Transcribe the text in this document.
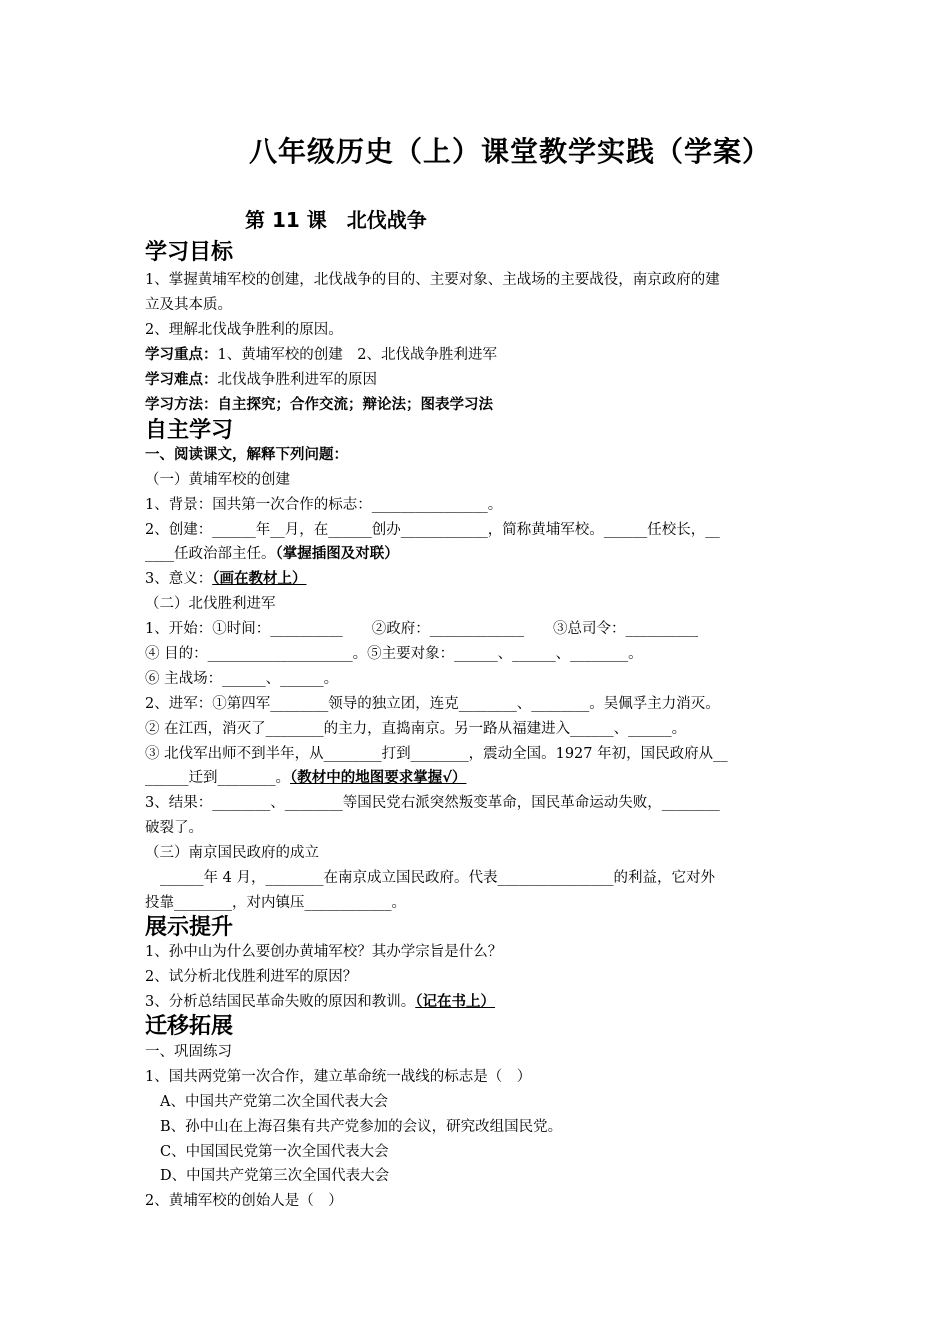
八年级历史（上）课堂教学实践（学案）
第 11 课　北伐战争
学习目标
1、掌握黄埔军校的创建，北伐战争的目的、主要对象、主战场的主要战役，南京政府的建
立及其本质。
2、理解北伐战争胜利的原因。
学习重点：1、黄埔军校的创建　2、北伐战争胜利进军
学习难点：北伐战争胜利进军的原因
学习方法：自主探究；合作交流；辩论法；图表学习法
自主学习
一、阅读课文，解释下列问题：
（一）黄埔军校的创建
1、背景：国共第一次合作的标志：________________。
2、创建：______年__月，在______创办____________，简称黄埔军校。______任校长，__
____任政治部主任。（掌握插图及对联）
3、意义：（画在教材上）
（二）北伐胜利进军
1、开始：①时间：__________　　②政府：_____________　　③总司令：__________
④ 目的：____________________。⑤主要对象：______、______、________。
⑥ 主战场：______、______。
2、进军：①第四军________领导的独立团，连克________、________。吴佩孚主力消灭。
② 在江西，消灭了________的主力，直捣南京。另一路从福建进入______、______。
③ 北伐军出师不到半年，从________打到________，震动全国。1927 年初，国民政府从__
______迁到________。（教材中的地图要求掌握√）
3、结果：________、________等国民党右派突然叛变革命，国民革命运动失败，________
破裂了。
（三）南京国民政府的成立
______年 4 月，________在南京成立国民政府。代表________________的利益，它对外
投靠________，对内镇压____________。
展示提升
1、孙中山为什么要创办黄埔军校？其办学宗旨是什么？
2、试分析北伐胜利进军的原因？
3、分析总结国民革命失败的原因和教训。（记在书上）
迁移拓展
一、巩固练习
1、国共两党第一次合作，建立革命统一战线的标志是（　）
A、中国共产党第二次全国代表大会
B、孙中山在上海召集有共产党参加的会议，研究改组国民党。
C、中国国民党第一次全国代表大会
D、中国共产党第三次全国代表大会
2、黄埔军校的创始人是（　）
